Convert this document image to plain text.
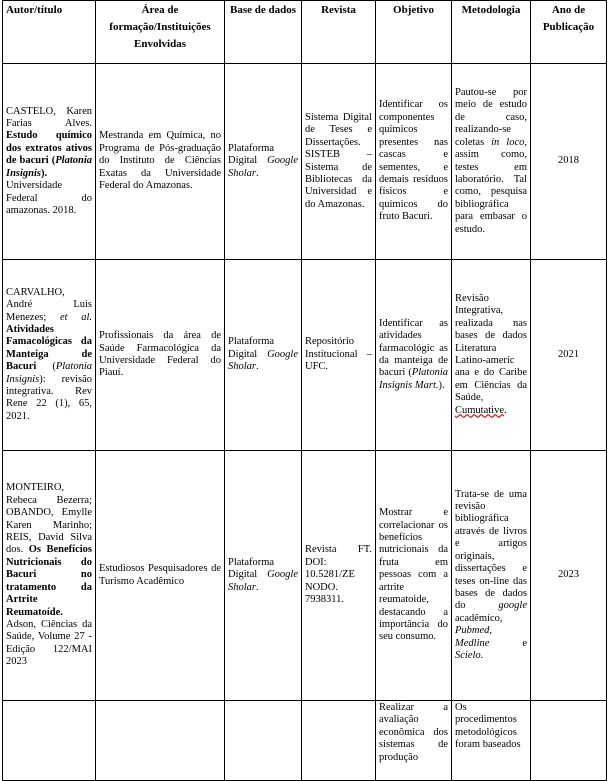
Autor/título	Área de formação/Instituições Envolvidas	Base de dados	Revista	Objetivo	Metodologia	Ano de Publicação
CASTELO, Karen Farias Alves. Estudo químico dos extratos ativos de bacuri (Platonia Insignis). Universidade Federal do amazonas. 2018.	Mestranda em Química, no Programa de Pós-graduação do Instituto de Ciências Exatas da Universidade Federal do Amazonas.	Plataforma Digital Google Sholar.	Sistema Digital de Teses e Dissertações. SISTEB – Sistema de Bibliotecas da Universidad e do Amazonas.	Identificar os componentes químicos presentes nas cascas e sementes, e demais resíduos físicos e químicos do fruto Bacuri.	Pautou-se por meio de estudo de caso, realizando-se coletas in loco, assim como, testes em laboratório. Tal como, pesquisa bibliográfica para embasar o estudo.	2018
CARVALHO, André Luis Menezes; et al. Atividades Famacológicas da Manteiga de Bacuri (Platonia Insignis): revisão integrativa. Rev Rene 22 (1), 65, 2021.	Profissionais da área de Saúde Farmacológica da Universidade Federal do Piauí.	Plataforma Digital Google Sholar.	Repositório Institucional – UFC.	Identificar as atividades farmacológic as da manteiga de bacuri (Platonia Insignis Mart.).	Revisão Integrativa, realizada nas bases de dados Literatura Latino-americ ana e do Caribe em Ciências da Saúde, Cumutative.	2021
MONTEIRO, Rebeca Bezerra; OBANDO, Emylle Karen Marinho; REIS, David Silva dos. Os Benefícios Nutricionais do Bacuri no tratamento da Artrite Reumatoíde. Adson, Ciências da Saúde, Volume 27 - Edição 122/MAI 2023	Estudiosos Pesquisadores de Turismo Acadêmico	Plataforma Digital Google Sholar.	Revista FT. DOI: 10.5281/ZE NODO. 7938311.	Mostrar e correlacionar os benefícios nutricionais da fruta em pessoas com a artrite reumatoide, destacando a importância do seu consumo.	Trata-se de uma revisão bibliográfica através de livros e artigos originais, dissertações e teses on-line das bases de dados do google acadêmico, Pubmed, Medline e Scielo.	2023
				Realizar a avaliação econômica dos sistemas de produção	Os procedimentos metodológicos foram baseados	
